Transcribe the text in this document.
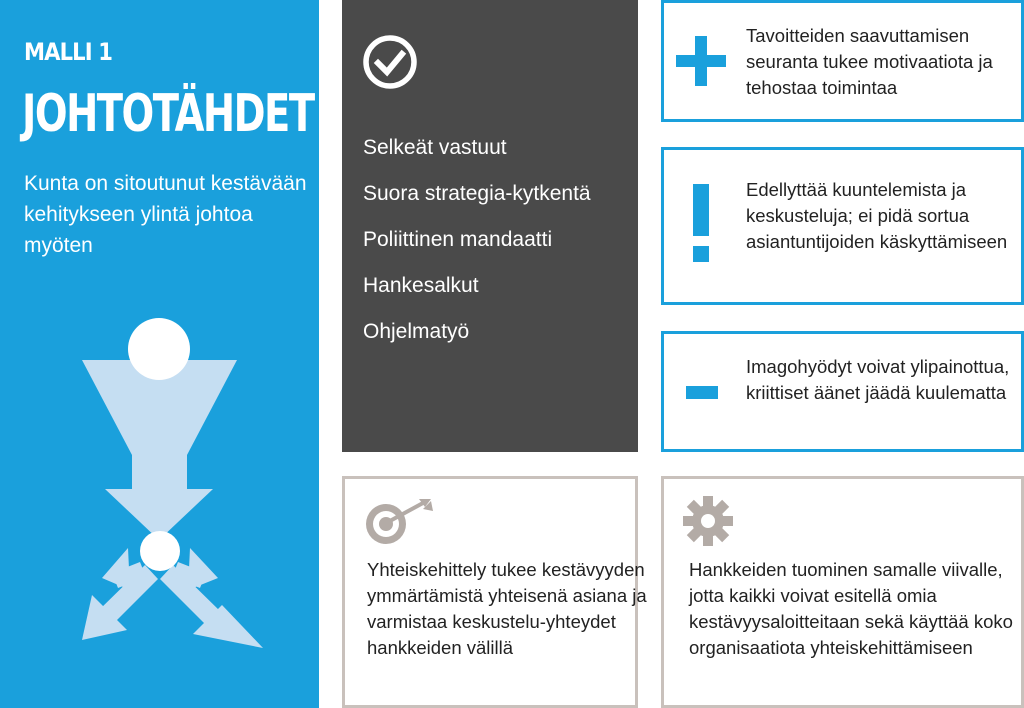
MALLI 1
JOHTOTÄHDET
Kunta on sitoutunut kestävään kehitykseen ylintä johtoa myöten
Selkeät vastuut
Suora strategia-kytkentä
Poliittinen mandaatti
Hankesalkut
Ohjelmatyö
Tavoitteiden saavuttamisen seuranta tukee motivaatiota ja tehostaa toimintaa
Edellyttää kuuntelemista ja keskusteluja; ei pidä sortua asiantuntijoiden käskyttämiseen
Imagohyödyt voivat ylipainottua, kriittiset äänet jäädä kuulematta
Yhteiskehittely tukee kestävyyden ymmärtämistä yhteisenä asiana ja varmistaa keskustelu-yhteydet hankkeiden välillä
Hankkeiden tuominen samalle viivalle, jotta kaikki voivat esitellä omia kestävyysaloitteitaan sekä käyttää koko organisaatiota yhteiskehittämiseen
